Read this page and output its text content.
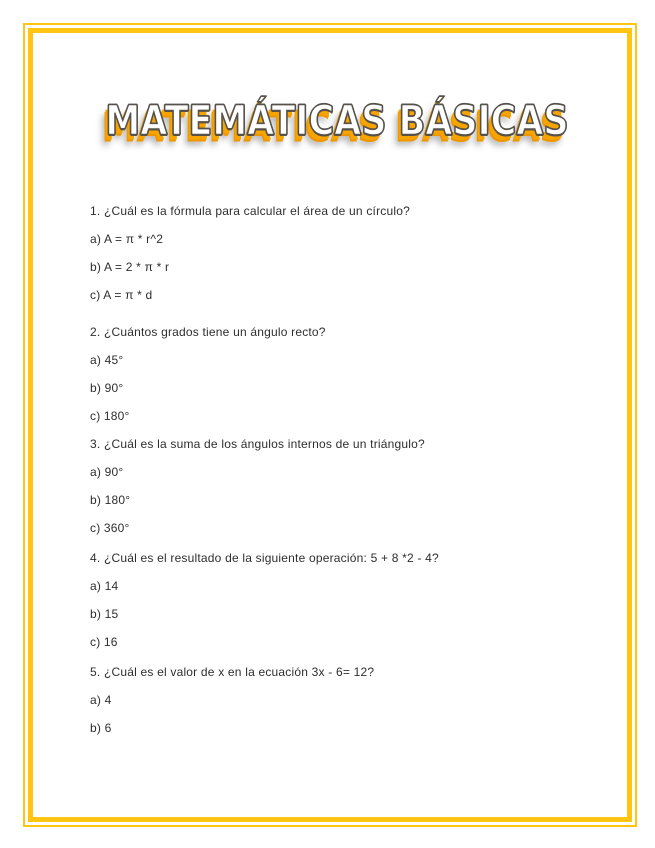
MATEMÁTICAS BÁSICAS

1. ¿Cuál es la fórmula para calcular el área de un círculo?

a) A = π * r^2

b) A = 2 * π * r

c) A = π * d

2. ¿Cuántos grados tiene un ángulo recto?

a) 45°

b) 90°

c) 180°

3. ¿Cuál es la suma de los ángulos internos de un triángulo?

a) 90°

b) 180°

c) 360°

4. ¿Cuál es el resultado de la siguiente operación: 5 + 8 *2 - 4?

a) 14

b) 15

c) 16

5. ¿Cuál es el valor de x en la ecuación 3x - 6= 12?

a) 4

b) 6
